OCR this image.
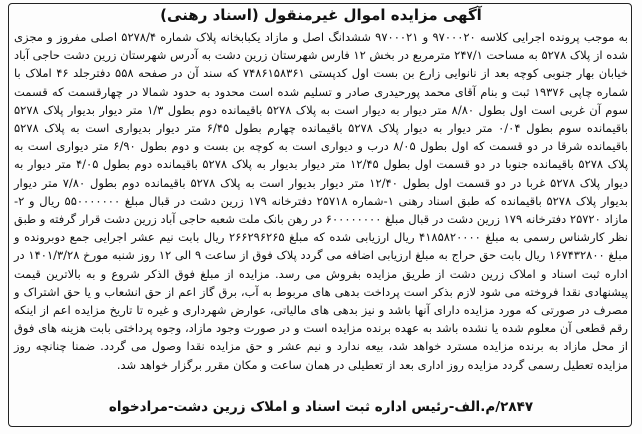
آگهی مزایده اموال غیرمنقول (اسناد رهنی)
به موجب پرونده اجرایی کلاسه ۹۷۰۰۰۲۰ و ۹۷۰۰۰۲۱ ششدانگ اصل و مازاد یکبابخانه پلاک شماره ۵۲۷۸/۴ اصلی مفروز و مجزی شده از پلاک ۵۲۷۸ به مساحت ۲۴۷/۱ مترمربع در بخش ۱۲ فارس شهرستان زرین دشت به آدرس شهرستان زرین دشت حاجی آباد خیابان بهار جنوبی کوچه بعد از نانوایی زارع بن بست اول کدپستی ۷۴۸۶۱۵۸۳۶۱ که سند آن در صفحه ۵۵۸ دفترجلد ۴۶ املاک با شماره چاپی ۱۹۳۷۶ ثبت و بنام آقای محمد پورحیدری صادر و تسلیم شده است محدود به حدود شمالا در چهارقسمت که قسمت سوم آن غربی است اول بطول ۸/۸۰ متر دیوار به دیوار است به پلاک ۵۲۷۸ باقیمانده دوم بطول ۱/۳ متر دیوار بدیوار پلاک ۵۲۷۸ باقیمانده سوم بطول ۰/۰۴ متر دیوار به دیوار پلاک ۵۲۷۸ باقیمانده چهارم بطول ۶/۴۵ متر دیوار بدیواری است به پلاک ۵۲۷۸ باقیمانده شرقا در دو قسمت که اول بطول ۸/۰۵ درب و دیواری است به کوچه بن بست و دوم بطول ۶/۹۰ متر دیواری است به پلاک ۵۲۷۸ باقیمانده جنوبا در دو قسمت اول بطول ۱۲/۴۵ متر دیوار بدیوار به پلاک ۵۲۷۸ باقیمانده دوم بطول ۴/۰۵ متر دیوار به دیوار پلاک ۵۲۷۸ غربا در دو قسمت اول بطول ۱۲/۴۰ متر دیوار بدیوار است به پلاک ۵۲۷۸ باقیمانده دوم بطول ۷/۸۰ متر دیوار بدیوار پلاک ۵۲۷۸ باقیمانده که طبق اسناد رهنی ۱-شماره ۲۵۷۱۸ دفترخانه ۱۷۹ زرین دشت در قبال مبلغ ۵۵۰۰۰۰۰۰۰ ریال و ۲-مازاد ۲۵۷۲۰ دفترخانه ۱۷۹ زرین دشت در قبال مبلغ ۶۰۰۰۰۰۰۰۰ در رهن بانک ملت شعبه حاجی آباد زرین دشت قرار گرفته و طبق نظر کارشناس رسمی به مبلغ ۴۱۸۵۸۲۰۰۰۰ ریال ارزیابی شده که مبلغ ۲۶۶۲۹۶۲۶۵ ریال بابت نیم عشر اجرایی جمع دوبرونده و مبلغ ۱۶۷۴۳۲۸۰۰ ریال بابت حق حراج به مبلغ ارزیابی اضافه می گردد پلاک فوق از ساعت ۹ الی ۱۲ روز شنبه مورخ ۱۴۰۱/۳/۲۸ در اداره ثبت اسناد و املاک زرین دشت از طریق مزایده بفروش می رسد. مزایده از مبلغ فوق الذکر شروع و به بالاترین قیمت پیشنهادی نقدا فروخته می شود لازم بذکر است پرداخت بدهی های مربوط به آب، برق گاز اعم از حق انشعاب و یا حق اشتراک و مصرف در صورتی که مورد مزایده دارای آنها باشد و نیز بدهی های مالیاتی، عوارض شهرداری و غیره تا تاریخ مزایده اعم از اینکه رقم قطعی آن معلوم شده یا نشده باشد به عهده برنده مزایده است و در صورت وجود مازاد، وجوه پرداختی بابت هزینه های فوق از محل مازاد به برنده مزایده مسترد خواهد شد، بیعه ندارد و نیم عشر و حق مزایده نقدا وصول می گردد. ضمنا چنانچه روز مزایده تعطیل رسمی گردد مزایده روز اداری بعد از تعطیلی در همان ساعت و مکان مقرر برگزار خواهد شد.
۲۸۴۷/م.الف-رئیس اداره ثبت اسناد و املاک زرین دشت-مرادخواه
